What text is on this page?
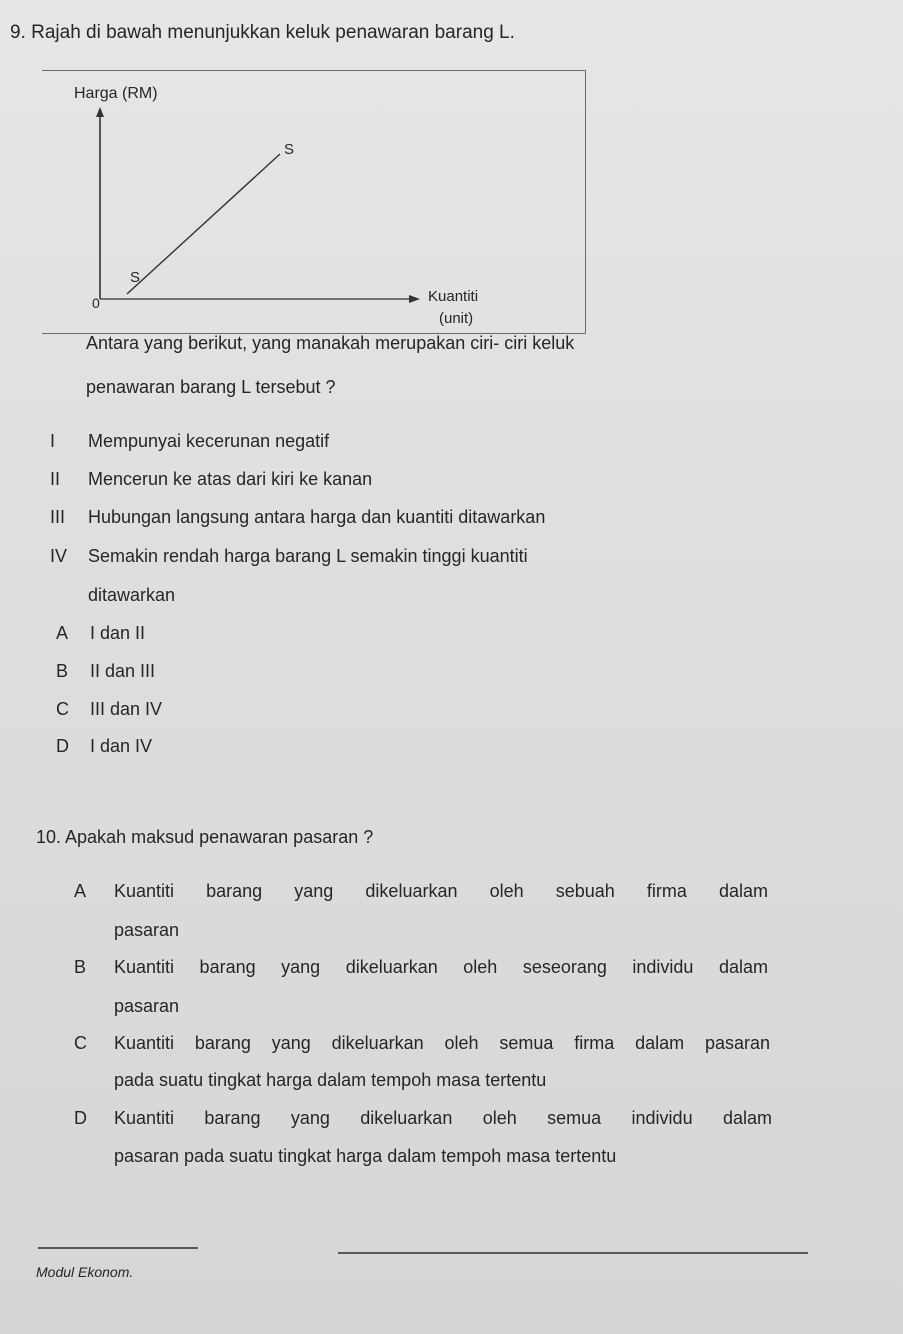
9. Rajah di bawah menunjukkan keluk penawaran barang L.
Harga (RM)
S
S
0	Kuantiti
(unit)
Antara yang berikut, yang manakah merupakan ciri- ciri keluk
penawaran barang L tersebut ?
I Mempunyai kecerunan negatif
II Mencerun ke atas dari kiri ke kanan
III Hubungan langsung antara harga dan kuantiti ditawarkan
IV Semakin rendah harga barang L semakin tinggi kuantiti
ditawarkan
A I dan II
B II dan III
C III dan IV
D I dan IV
10. Apakah maksud penawaran pasaran ?
A Kuantiti barang yang dikeluarkan oleh sebuah firma dalam
pasaran
B Kuantiti barang yang dikeluarkan oleh seseorang individu dalam
pasaran
C Kuantiti barang yang dikeluarkan oleh semua firma dalam pasaran
pada suatu tingkat harga dalam tempoh masa tertentu
D Kuantiti barang yang dikeluarkan oleh semua individu dalam
pasaran pada suatu tingkat harga dalam tempoh masa tertentu
Modul Ekonom.
